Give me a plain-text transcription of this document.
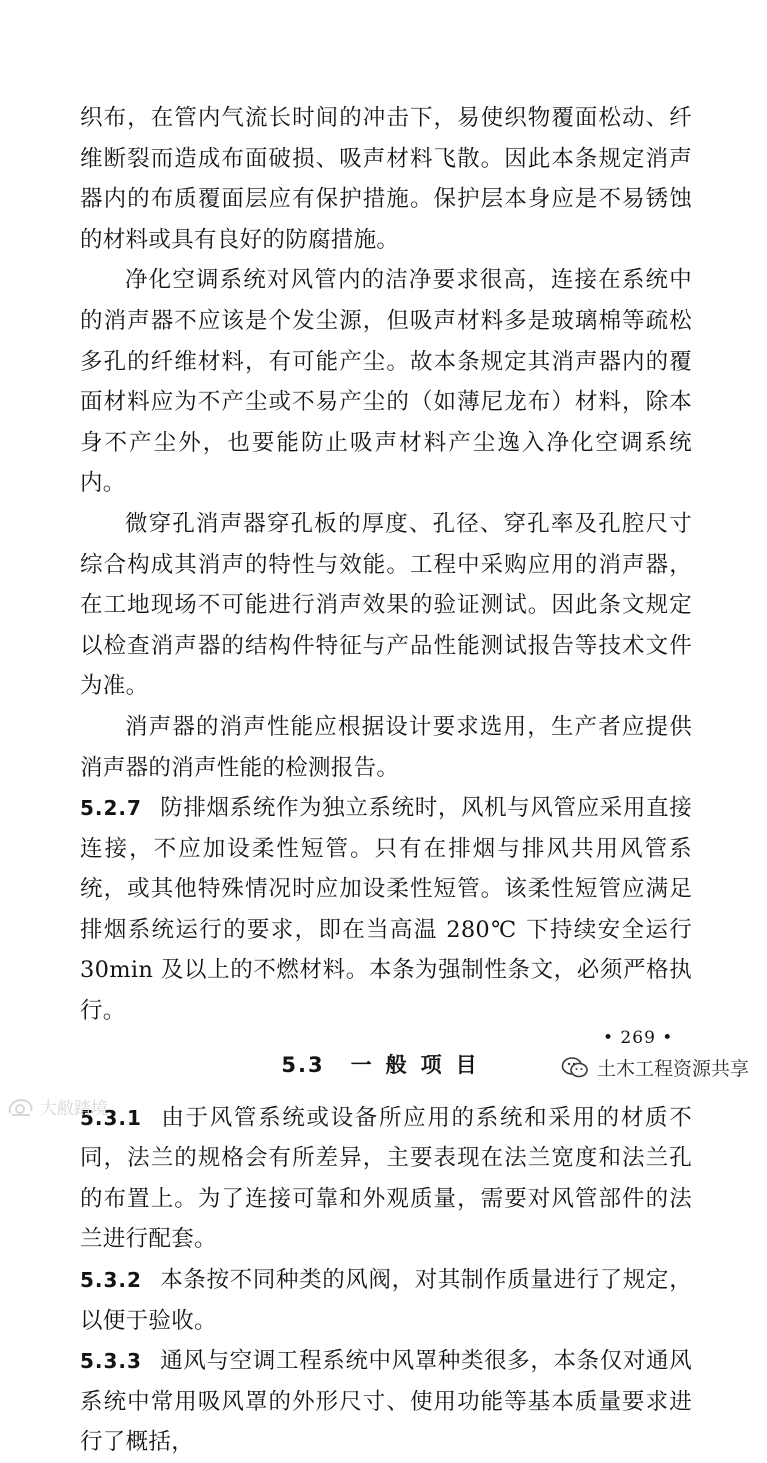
织布，在管内气流长时间的冲击下，易使织物覆面松动、纤维断裂而造成布面破损、吸声材料飞散。因此本条规定消声器内的布质覆面层应有保护措施。保护层本身应是不易锈蚀的材料或具有良好的防腐措施。

净化空调系统对风管内的洁净要求很高，连接在系统中的消声器不应该是个发尘源，但吸声材料多是玻璃棉等疏松多孔的纤维材料，有可能产尘。故本条规定其消声器内的覆面材料应为不产尘或不易产尘的（如薄尼龙布）材料，除本身不产尘外，也要能防止吸声材料产尘逸入净化空调系统内。

微穿孔消声器穿孔板的厚度、孔径、穿孔率及孔腔尺寸综合构成其消声的特性与效能。工程中采购应用的消声器，在工地现场不可能进行消声效果的验证测试。因此条文规定以检查消声器的结构件特征与产品性能测试报告等技术文件为准。

消声器的消声性能应根据设计要求选用，生产者应提供消声器的消声性能的检测报告。

5.2.7 防排烟系统作为独立系统时，风机与风管应采用直接连接，不应加设柔性短管。只有在排烟与排风共用风管系统，或其他特殊情况时应加设柔性短管。该柔性短管应满足排烟系统运行的要求，即在当高温 280℃ 下持续安全运行 30min 及以上的不燃材料。本条为强制性条文，必须严格执行。

5.3 一般项目

5.3.1 由于风管系统或设备所应用的系统和采用的材质不同，法兰的规格会有所差异，主要表现在法兰宽度和法兰孔的布置上。为了连接可靠和外观质量，需要对风管部件的法兰进行配套。

5.3.2 本条按不同种类的风阀，对其制作质量进行了规定，以便于验收。

5.3.3 通风与空调工程系统中风罩种类很多，本条仅对通风系统中常用吸风罩的外形尺寸、使用功能等基本质量要求进行了概括，

• 269 •
土木工程资源共享
大敝踏境
